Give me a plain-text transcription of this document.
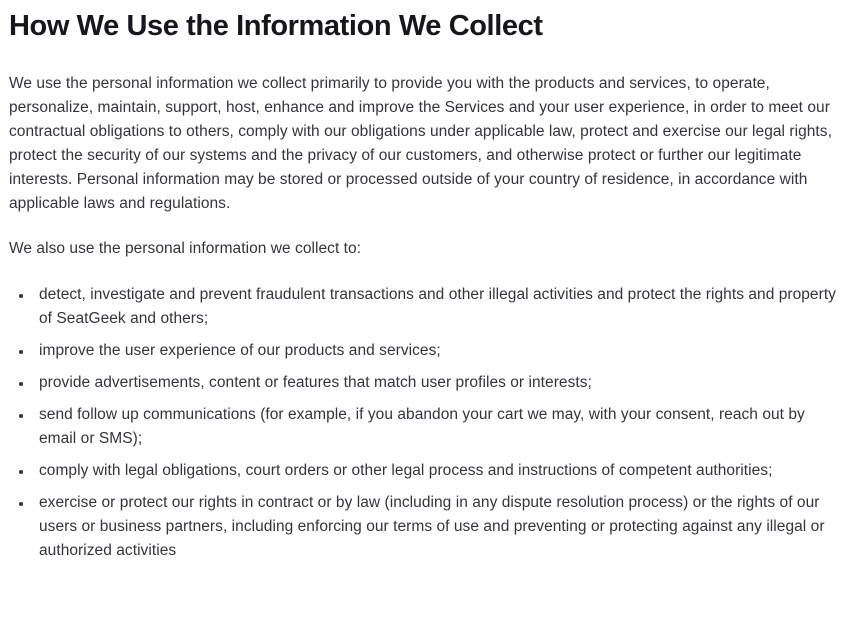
How We Use the Information We Collect

We use the personal information we collect primarily to provide you with the products and services, to operate, personalize, maintain, support, host, enhance and improve the Services and your user experience, in order to meet our contractual obligations to others, comply with our obligations under applicable law, protect and exercise our legal rights, protect the security of our systems and the privacy of our customers, and otherwise protect or further our legitimate interests. Personal information may be stored or processed outside of your country of residence, in accordance with applicable laws and regulations.

We also use the personal information we collect to:

• detect, investigate and prevent fraudulent transactions and other illegal activities and protect the rights and property of SeatGeek and others;
• improve the user experience of our products and services;
• provide advertisements, content or features that match user profiles or interests;
• send follow up communications (for example, if you abandon your cart we may, with your consent, reach out by email or SMS);
• comply with legal obligations, court orders or other legal process and instructions of competent authorities;
• exercise or protect our rights in contract or by law (including in any dispute resolution process) or the rights of our users or business partners, including enforcing our terms of use and preventing or protecting against any illegal or authorized activities
